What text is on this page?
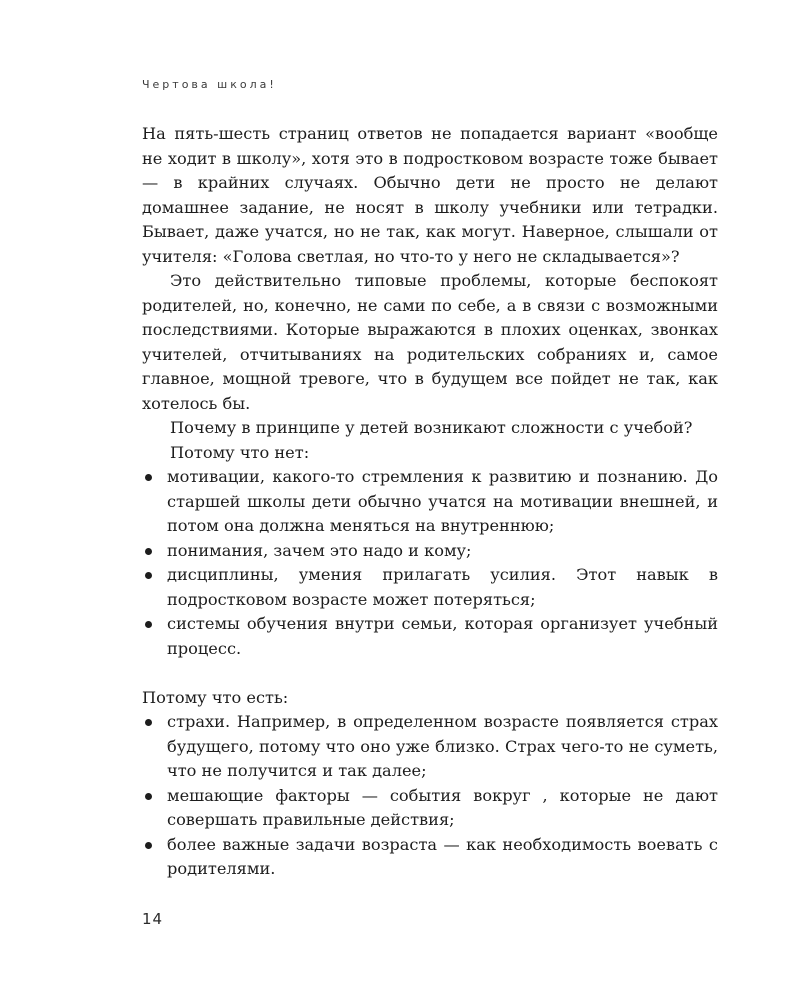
Чертова школа!

На пять-шесть страниц ответов не попадается вариант «вообще не ходит в школу», хотя это в подростковом возрасте тоже бывает — в крайних случаях. Обычно дети не просто не делают домашнее задание, не носят в школу учебники или тетрадки. Бывает, даже учатся, но не так, как могут. Наверное, слышали от учителя: «Голова светлая, но что-то у него не складывается»?

Это действительно типовые проблемы, которые беспокоят родителей, но, конечно, не сами по себе, а в связи с возможными последствиями. Которые выражаются в плохих оценках, звонках учителей, отчитываниях на родительских собраниях и, самое главное, мощной тревоге, что в будущем все пойдет не так, как хотелось бы.

Почему в принципе у детей возникают сложности с учебой?

Потому что нет:

мотивации, какого-то стремления к развитию и познанию. До старшей школы дети обычно учатся на мотивации внешней, и потом она должна меняться на внутреннюю;
понимания, зачем это надо и кому;
дисциплины, умения прилагать усилия. Этот навык в подростковом возрасте может потеряться;
системы обучения внутри семьи, которая организует учебный процесс.

Потому что есть:

страхи. Например, в определенном возрасте появляется страх будущего, потому что оно уже близко. Страх чего-то не суметь, что не получится и так далее;
мешающие факторы — события вокруг , которые не дают совершать правильные действия;
более важные задачи возраста — как необходимость воевать с родителями.
14
